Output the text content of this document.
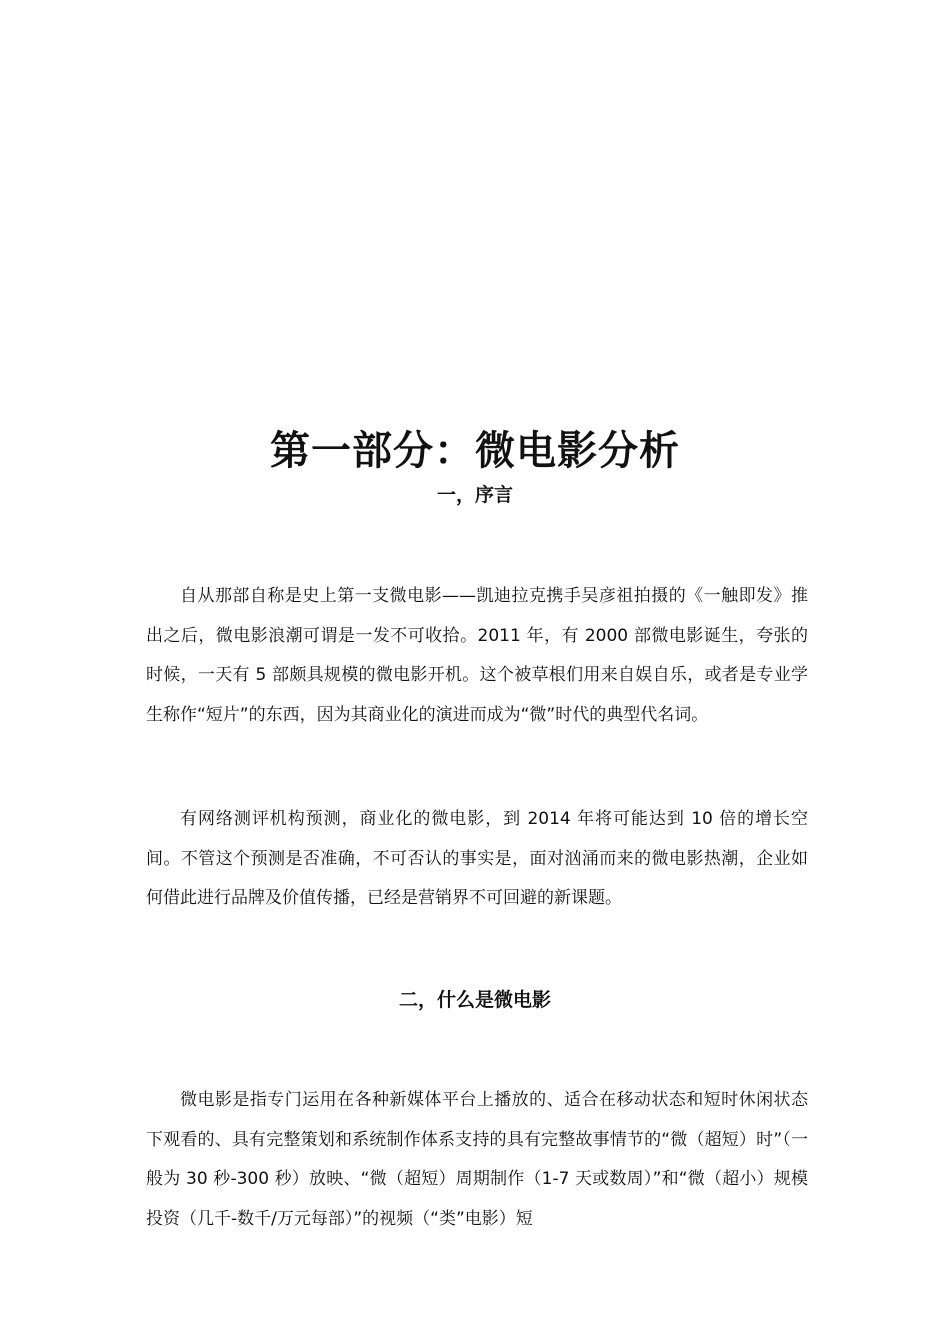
第一部分：微电影分析
一，序言

自从那部自称是史上第一支微电影——凯迪拉克携手吴彦祖拍摄的《一触即发》推出之后，微电影浪潮可谓是一发不可收拾。2011 年，有 2000 部微电影诞生，夸张的时候，一天有 5 部颇具规模的微电影开机。这个被草根们用来自娱自乐，或者是专业学生称作“短片”的东西，因为其商业化的演进而成为“微”时代的典型代名词。

有网络测评机构预测，商业化的微电影，到 2014 年将可能达到 10 倍的增长空间。不管这个预测是否准确，不可否认的事实是，面对汹涌而来的微电影热潮，企业如何借此进行品牌及价值传播，已经是营销界不可回避的新课题。

二，什么是微电影

微电影是指专门运用在各种新媒体平台上播放的、适合在移动状态和短时休闲状态下观看的、具有完整策划和系统制作体系支持的具有完整故事情节的“微（超短）时”（一般为 30 秒-300 秒）放映、“微（超短）周期制作（1-7 天或数周）”和“微（超小）规模投资（几千-数千/万元每部）”的视频（“类”电影）短
